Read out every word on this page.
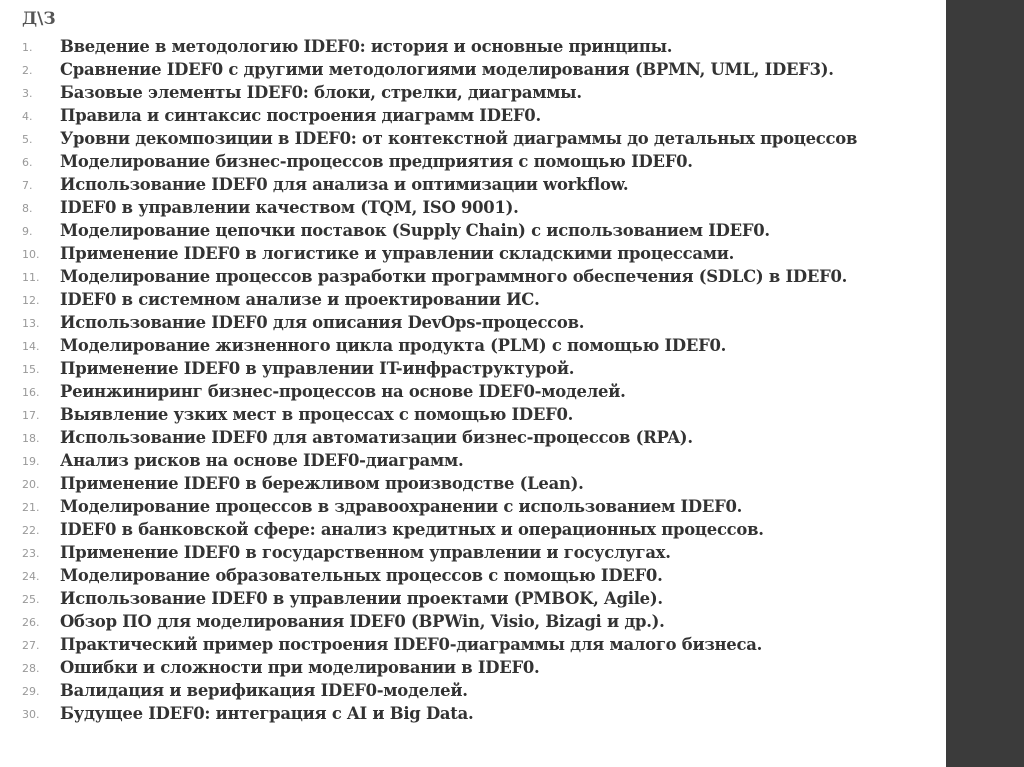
Д\З
1.	Введение в методологию IDEF0: история и основные принципы.
2.	Сравнение IDEF0 с другими методологиями моделирования (BPMN, UML, IDEF3).
3.	Базовые элементы IDEF0: блоки, стрелки, диаграммы.
4.	Правила и синтаксис построения диаграмм IDEF0.
5.	Уровни декомпозиции в IDEF0: от контекстной диаграммы до детальных процессов
6.	Моделирование бизнес-процессов предприятия с помощью IDEF0.
7.	Использование IDEF0 для анализа и оптимизации workflow.
8.	IDEF0 в управлении качеством (TQM, ISO 9001).
9.	Моделирование цепочки поставок (Supply Chain) с использованием IDEF0.
10.	Применение IDEF0 в логистике и управлении складскими процессами.
11.	Моделирование процессов разработки программного обеспечения (SDLC) в IDEF0.
12.	IDEF0 в системном анализе и проектировании ИС.
13.	Использование IDEF0 для описания DevOps-процессов.
14.	Моделирование жизненного цикла продукта (PLM) с помощью IDEF0.
15.	Применение IDEF0 в управлении IT-инфраструктурой.
16.	Реинжиниринг бизнес-процессов на основе IDEF0-моделей.
17.	Выявление узких мест в процессах с помощью IDEF0.
18.	Использование IDEF0 для автоматизации бизнес-процессов (RPA).
19.	Анализ рисков на основе IDEF0-диаграмм.
20.	Применение IDEF0 в бережливом производстве (Lean).
21.	Моделирование процессов в здравоохранении с использованием IDEF0.
22.	IDEF0 в банковской сфере: анализ кредитных и операционных процессов.
23.	Применение IDEF0 в государственном управлении и госуслугах.
24.	Моделирование образовательных процессов с помощью IDEF0.
25.	Использование IDEF0 в управлении проектами (PMBOK, Agile).
26.	Обзор ПО для моделирования IDEF0 (BPWin, Visio, Bizagi и др.).
27.	Практический пример построения IDEF0-диаграммы для малого бизнеса.
28.	Ошибки и сложности при моделировании в IDEF0.
29.	Валидация и верификация IDEF0-моделей.
30.	Будущее IDEF0: интеграция с AI и Big Data.
